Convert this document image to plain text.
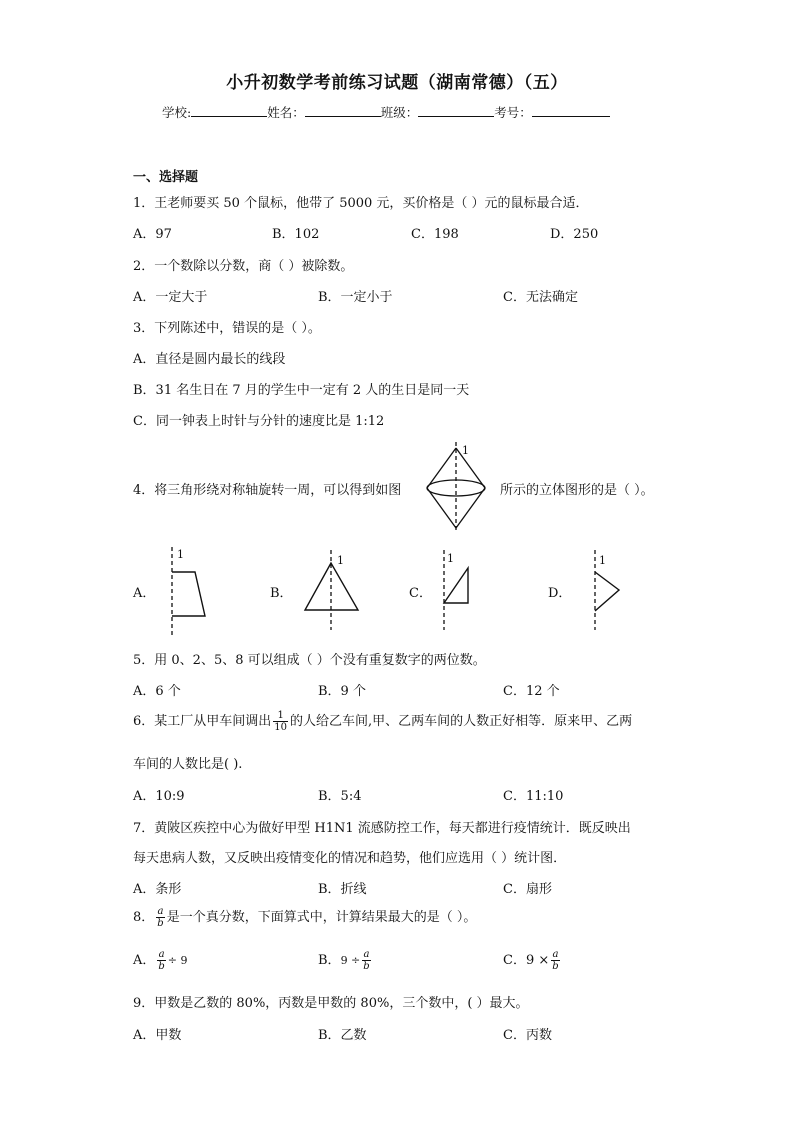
小升初数学考前练习试题（湖南常德）（五）
学校:	姓名：	班级：	考号：
一、选择题
1．王老师要买 50 个鼠标，他带了 5000 元，买价格是（ ）元的鼠标最合适．
A．97	B．102	C．198	D．250
2．一个数除以分数，商（ ）被除数。
A．一定大于	B．一定小于	C．无法确定
3．下列陈述中，错误的是（ ）。
A．直径是圆内最长的线段
B．31 名生日在 7 月的学生中一定有 2 人的生日是同一天
C．同一钟表上时针与分针的速度比是 1:12
4．将三角形绕对称轴旋转一周，可以得到如图
1
所示的立体图形的是（ ）。
A．
1
B．
1
C．
1
D．
1
5．用 0、2、5、8 可以组成（ ）个没有重复数字的两位数。
A．6 个	B．9 个	C．12 个
6．某工厂从甲车间调出 $\frac{1}{10}$ 的人给乙车间,甲、乙两车间的人数正好相等．原来甲、乙两
车间的人数比是( ).
A．10:9	B．5:4	C．11:10
7．黄陂区疾控中心为做好甲型 H1N1 流感防控工作，每天都进行疫情统计．既反映出
每天患病人数，又反映出疫情变化的情况和趋势，他们应选用（ ）统计图．
A．条形	B．折线	C．扇形
8． $\frac{a}{b}$ 是一个真分数，下面算式中，计算结果最大的是（ ）。
A． $\frac{a}{b} \div 9$	B．$9 \div \frac{a}{b}$	C．$9 \times \frac{a}{b}$
9．甲数是乙数的 80%，丙数是甲数的 80%，三个数中，( ）最大。
A．甲数	B．乙数	C．丙数
